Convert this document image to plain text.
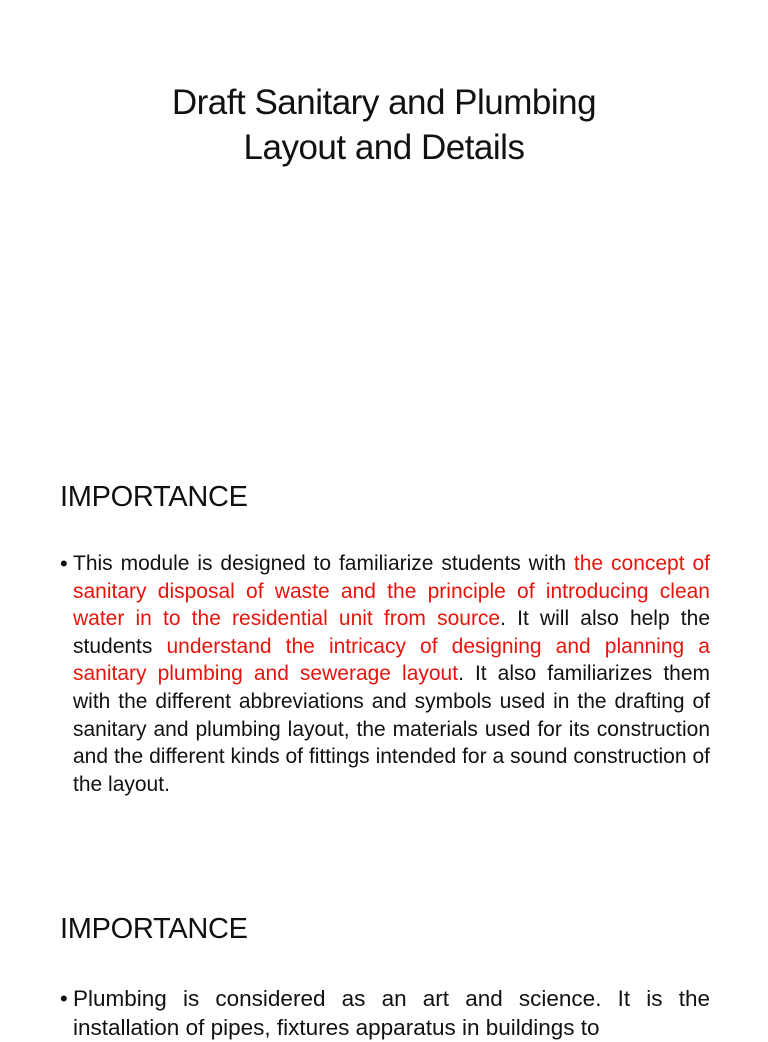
Draft Sanitary and Plumbing
Layout and Details
IMPORTANCE
• This module is designed to familiarize students with the concept of sanitary disposal of waste and the principle of introducing clean water in to the residential unit from source. It will also help the students understand the intricacy of designing and planning a sanitary plumbing and sewerage layout. It also familiarizes them with the different abbreviations and symbols used in the drafting of sanitary and plumbing layout, the materials used for its construction and the different kinds of fittings intended for a sound construction of the layout.

IMPORTANCE
• Plumbing is considered as an art and science. It is the installation of pipes, fixtures apparatus in buildings to
